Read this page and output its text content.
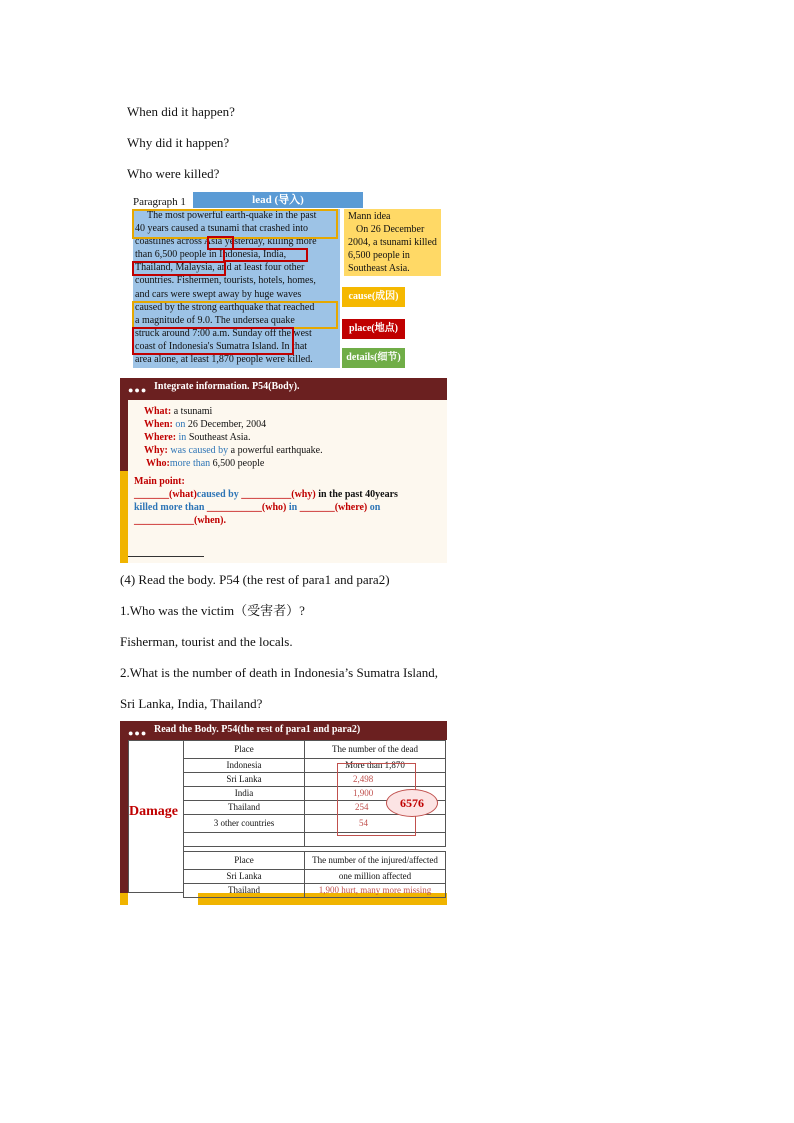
When did it happen?
Why did it happen?
Who were killed?
Paragraph 1	lead (导入)
The most powerful earth-quake in the past
40 years caused a tsunami that crashed into
coastlines across Asia yesterday, killing more
than 6,500 people in Indonesia, India,
Thailand, Malaysia, and at least four other
countries. Fishermen, tourists, hotels, homes,
and cars were swept away by huge waves
caused by the strong earthquake that reached
a magnitude of 9.0. The undersea quake
struck around 7:00 a.m. Sunday off the west
coast of Indonesia's Sumatra Island. In that
area alone, at least 1,870 people were killed.
Mann idea
On 26 December 2004, a tsunami killed 6,500 people in Southeast Asia.
cause(成因)
place(地点)
details(细节)
●●● Integrate information. P54(Body).
What: a tsunami
When: on 26 December, 2004
Where: in Southeast Asia.
Why: was caused by a powerful earthquake.
Who:more than 6,500 people
Main point:
_______(what)caused by __________(why) in the past 40years
killed more than ___________(who) in _______(where) on
____________(when).
(4) Read the body. P54 (the rest of para1 and para2)
1.Who was the victim（受害者）?
Fisherman, tourist and the locals.
2.What is the number of death in Indonesia’s Sumatra Island,
Sri Lanka, India, Thailand?
●●● Read the Body. P54(the rest of para1 and para2)
Damage
Place	The number of the dead
Indonesia	More than 1,870
Sri Lanka	2,498
India	1,900
Thailand	254
3 other countries	54

6576
Place	The number of the injured/affected
Sri Lanka	one million affected
Thailand	1,900 hurt, many more missing
